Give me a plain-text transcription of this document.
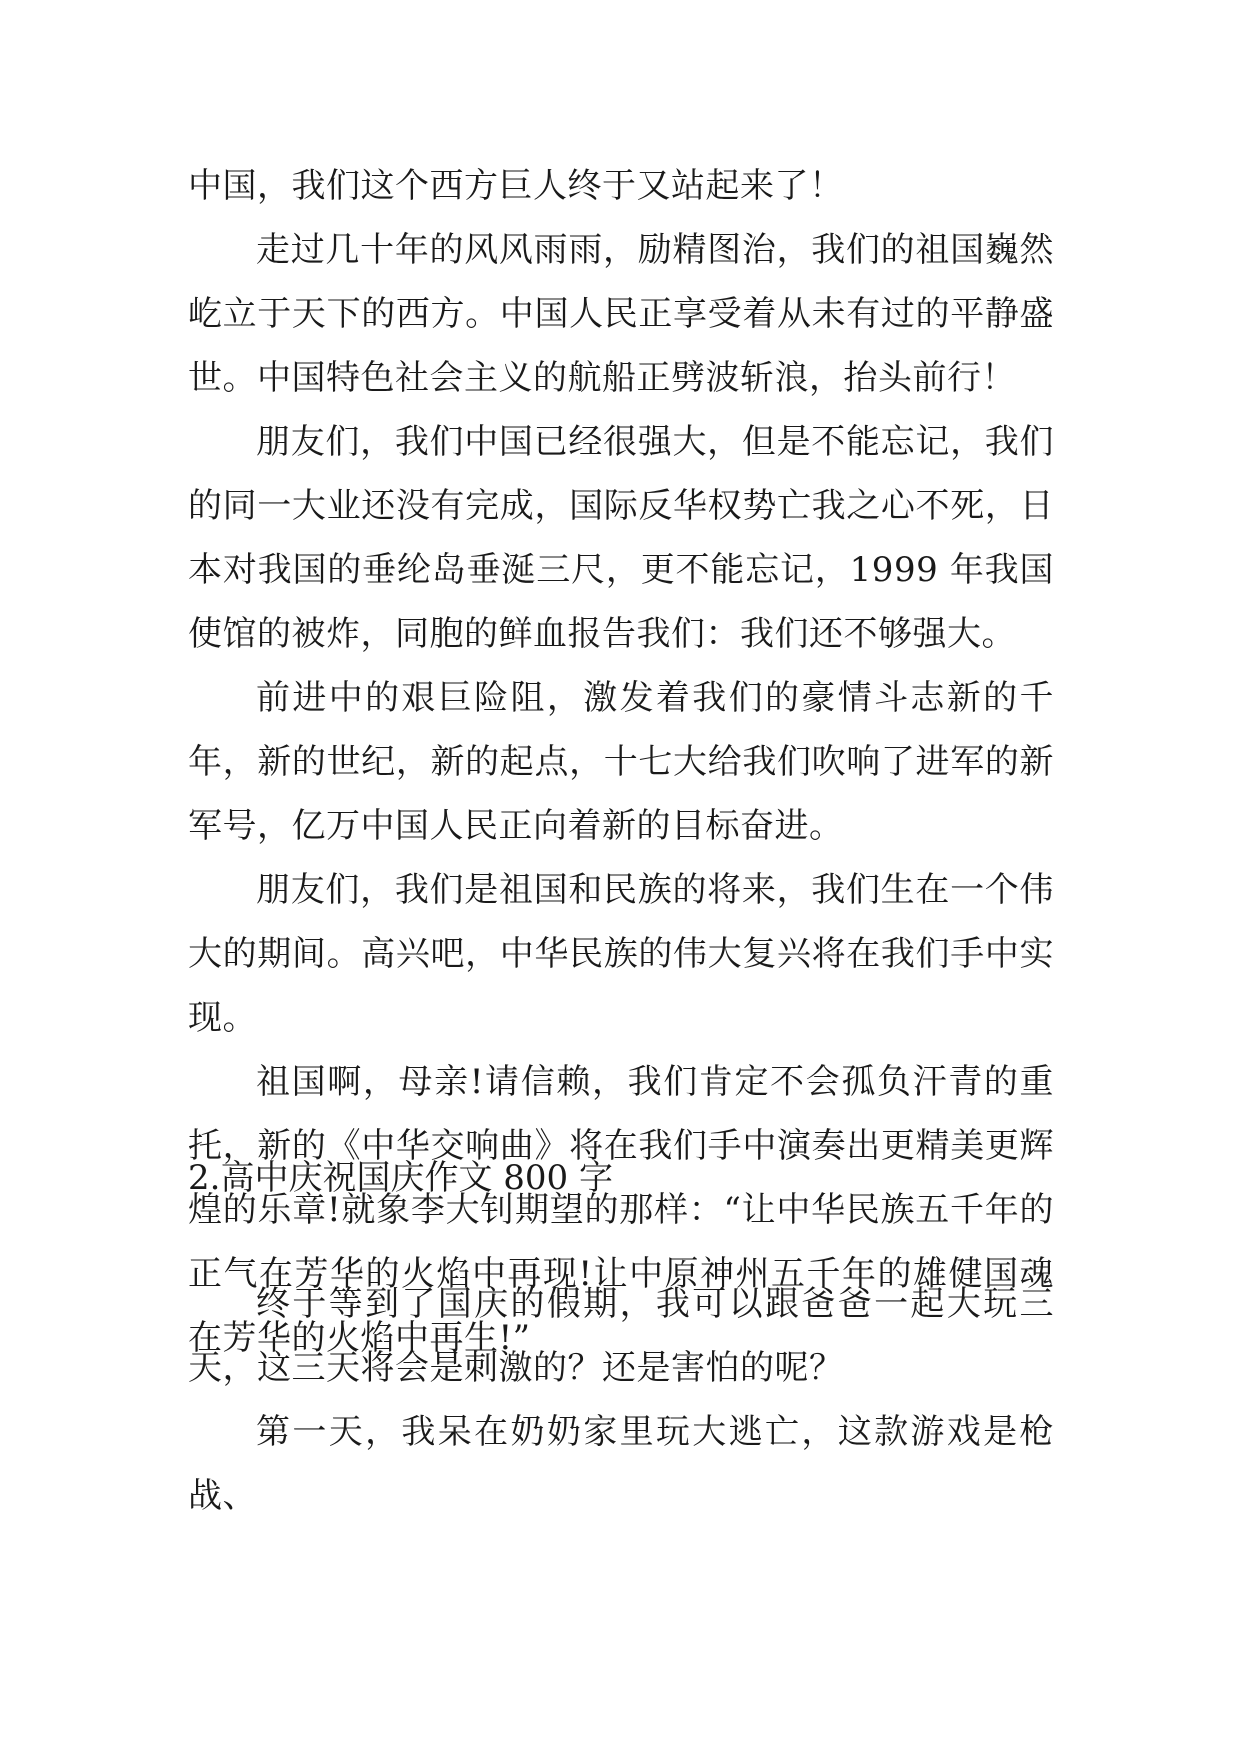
中国，我们这个西方巨人终于又站起来了！

走过几十年的风风雨雨，励精图治，我们的祖国巍然屹立于天下的西方。中国人民正享受着从未有过的平静盛世。中国特色社会主义的航船正劈波斩浪，抬头前行！

朋友们，我们中国已经很强大，但是不能忘记，我们的同一大业还没有完成，国际反华权势亡我之心不死，日本对我国的垂纶岛垂涎三尺，更不能忘记，1999 年我国使馆的被炸，同胞的鲜血报告我们：我们还不够强大。

前进中的艰巨险阻，激发着我们的豪情斗志新的千年，新的世纪，新的起点，十七大给我们吹响了进军的新军号，亿万中国人民正向着新的目标奋进。

朋友们，我们是祖国和民族的将来，我们生在一个伟大的期间。高兴吧，中华民族的伟大复兴将在我们手中实现。

祖国啊，母亲!请信赖，我们肯定不会孤负汗青的重托，新的《中华交响曲》将在我们手中演奏出更精美更辉煌的乐章!就象李大钊期望的那样：“让中华民族五千年的正气在芳华的火焰中再现!让中原神州五千年的雄健国魂在芳华的火焰中再生!”

2.高中庆祝国庆作文 800 字

终于等到了国庆的假期，我可以跟爸爸一起大玩三天，这三天将会是刺激的？还是害怕的呢？

第一天，我呆在奶奶家里玩大逃亡，这款游戏是枪战、
